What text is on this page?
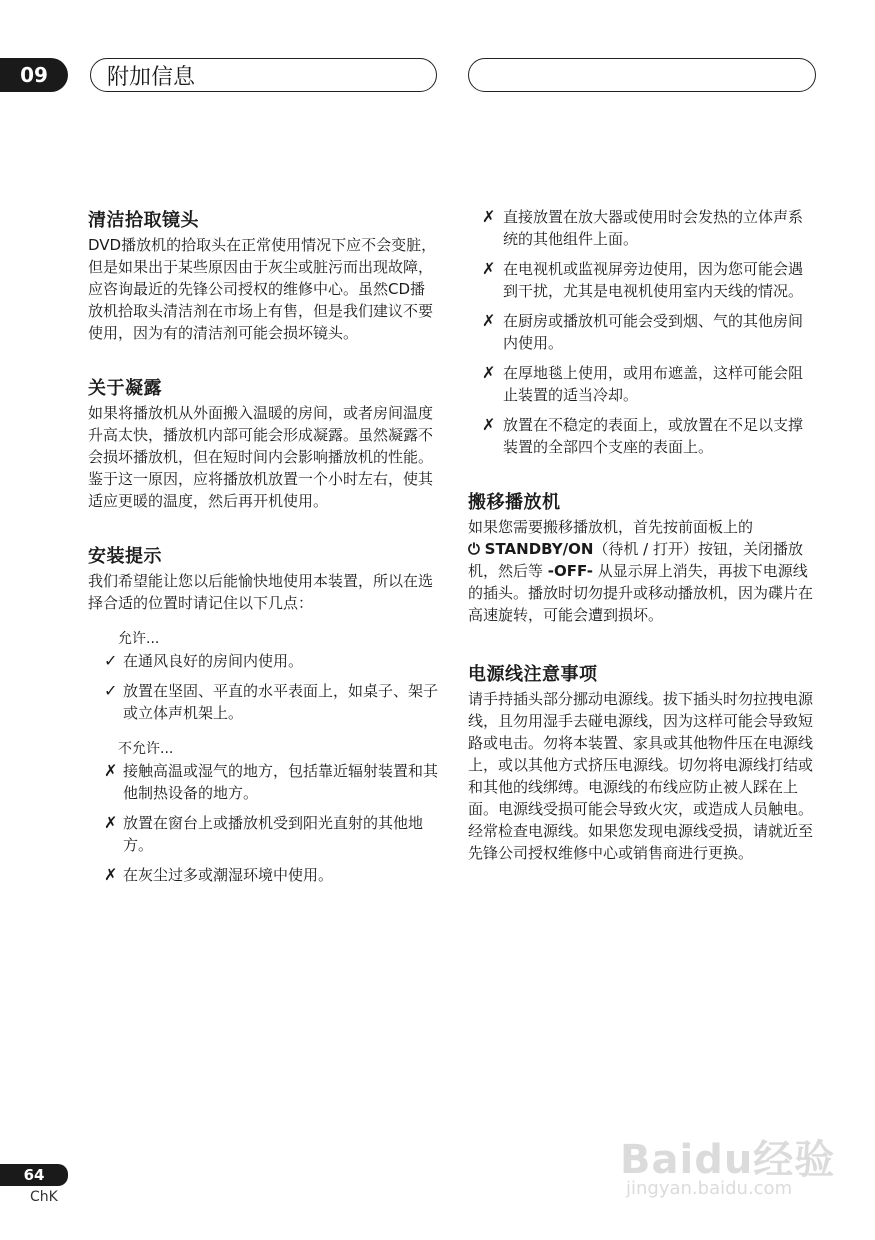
09	附加信息
清洁拾取镜头

DVD播放机的拾取头在正常使用情况下应不会变脏，但是如果出于某些原因由于灰尘或脏污而出现故障，应咨询最近的先锋公司授权的维修中心。虽然CD播放机拾取头清洁剂在市场上有售，但是我们建议不要使用，因为有的清洁剂可能会损坏镜头。

关于凝露

如果将播放机从外面搬入温暖的房间，或者房间温度升高太快，播放机内部可能会形成凝露。虽然凝露不会损坏播放机，但在短时间内会影响播放机的性能。鉴于这一原因，应将播放机放置一个小时左右，使其适应更暖的温度，然后再开机使用。

安装提示

我们希望能让您以后能愉快地使用本装置，所以在选择合适的位置时请记住以下几点：

允许...
✓ 在通风良好的房间内使用。
✓ 放置在坚固、平直的水平表面上，如桌子、架子或立体声机架上。
不允许...
✗ 接触高温或湿气的地方，包括靠近辐射装置和其他制热设备的地方。
✗ 放置在窗台上或播放机受到阳光直射的其他地方。
✗ 在灰尘过多或潮湿环境中使用。
✗ 直接放置在放大器或使用时会发热的立体声系统的其他组件上面。
✗ 在电视机或监视屏旁边使用，因为您可能会遇到干扰，尤其是电视机使用室内天线的情况。
✗ 在厨房或播放机可能会受到烟、气的其他房间内使用。
✗ 在厚地毯上使用，或用布遮盖，这样可能会阻止装置的适当冷却。
✗ 放置在不稳定的表面上，或放置在不足以支撑装置的全部四个支座的表面上。
搬移播放机

如果您需要搬移播放机，首先按前面板上的
⏻ STANDBY/ON（待机 / 打开）按钮，关闭播放机，然后等 -OFF- 从显示屏上消失，再拔下电源线的插头。播放时切勿提升或移动播放机，因为碟片在高速旋转，可能会遭到损坏。

电源线注意事项

请手持插头部分挪动电源线。拔下插头时勿拉拽电源线，且勿用湿手去碰电源线，因为这样可能会导致短路或电击。勿将本装置、家具或其他物件压在电源线上，或以其他方式挤压电源线。切勿将电源线打结或和其他的线绑缚。电源线的布线应防止被人踩在上面。电源线受损可能会导致火灾，或造成人员触电。经常检查电源线。如果您发现电源线受损，请就近至先锋公司授权维修中心或销售商进行更换。

64
ChK
Baidu经验
jingyan.baidu.com
